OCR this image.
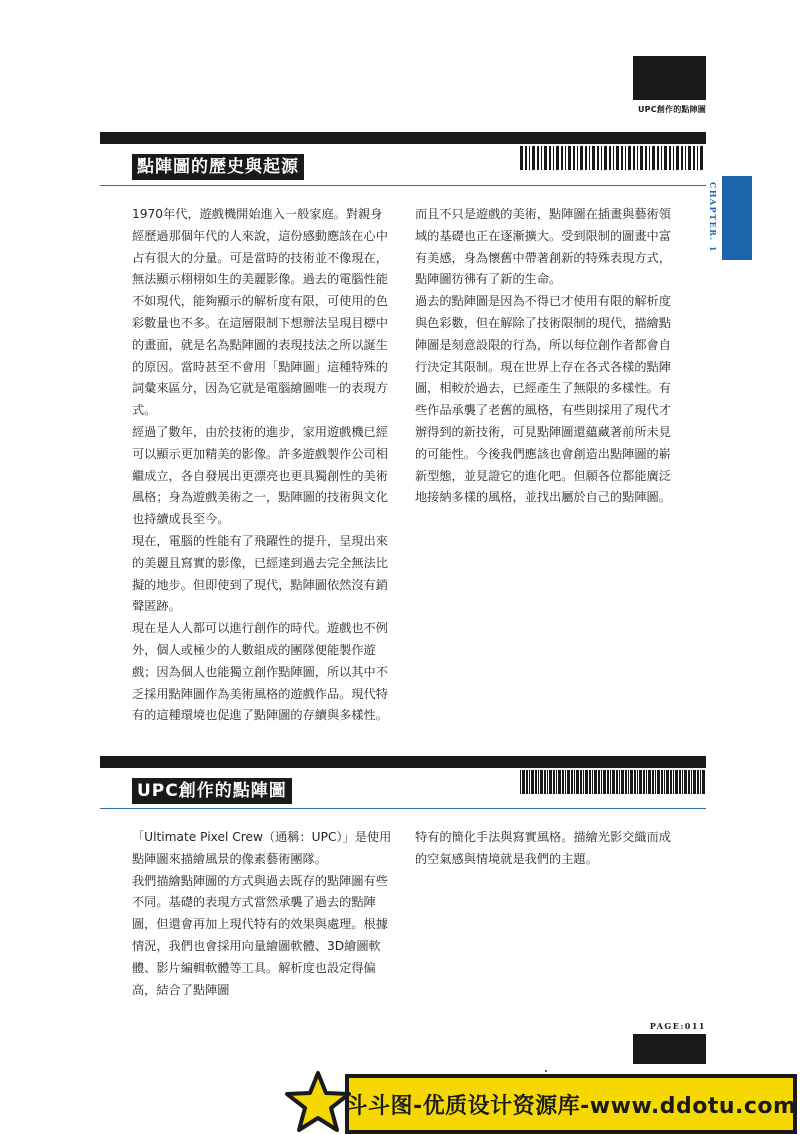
UPC創作的點陣圖
CHAPTER. 1
點陣圖的歷史與起源

1970年代，遊戲機開始進入一般家庭。對親身經歷過那個年代的人來說，這份感動應該在心中占有很大的分量。可是當時的技術並不像現在，無法顯示栩栩如生的美麗影像。過去的電腦性能不如現代，能夠顯示的解析度有限，可使用的色彩數量也不多。在這層限制下想辦法呈現目標中的畫面，就是名為點陣圖的表現技法之所以誕生的原因。當時甚至不會用「點陣圖」這種特殊的詞彙來區分，因為它就是電腦繪圖唯一的表現方式。

經過了數年，由於技術的進步，家用遊戲機已經可以顯示更加精美的影像。許多遊戲製作公司相繼成立，各自發展出更漂亮也更具獨創性的美術風格；身為遊戲美術之一，點陣圖的技術與文化也持續成長至今。

現在，電腦的性能有了飛躍性的提升，呈現出來的美麗且寫實的影像，已經達到過去完全無法比擬的地步。但即使到了現代，點陣圖依然沒有銷聲匿跡。

現在是人人都可以進行創作的時代。遊戲也不例外，個人或極少的人數組成的團隊便能製作遊戲；因為個人也能獨立創作點陣圖，所以其中不乏採用點陣圖作為美術風格的遊戲作品。現代特有的這種環境也促進了點陣圖的存續與多樣性。

而且不只是遊戲的美術，點陣圖在插畫與藝術領域的基礎也正在逐漸擴大。受到限制的圖畫中富有美感，身為懷舊中帶著創新的特殊表現方式，點陣圖彷彿有了新的生命。

過去的點陣圖是因為不得已才使用有限的解析度與色彩數，但在解除了技術限制的現代，描繪點陣圖是刻意設限的行為，所以每位創作者都會自行決定其限制。現在世界上存在各式各樣的點陣圖，相較於過去，已經產生了無限的多樣性。有些作品承襲了老舊的風格，有些則採用了現代才辦得到的新技術，可見點陣圖還蘊藏著前所未見的可能性。今後我們應該也會創造出點陣圖的嶄新型態，並見證它的進化吧。但願各位都能廣泛地接納多樣的風格，並找出屬於自己的點陣圖。

UPC創作的點陣圖

「Ultimate Pixel Crew（通稱：UPC）」是使用點陣圖來描繪風景的像素藝術團隊。

我們描繪點陣圖的方式與過去既存的點陣圖有些不同。基礎的表現方式當然承襲了過去的點陣圖，但還會再加上現代特有的效果與處理。根據情況，我們也會採用向量繪圖軟體、3D繪圖軟體、影片編輯軟體等工具。解析度也設定得偏高，結合了點陣圖

特有的簡化手法與寫實風格。描繪光影交織而成的空氣感與情境就是我們的主題。

PAGE:011
斗斗图-优质设计资源库-www.ddotu.com
